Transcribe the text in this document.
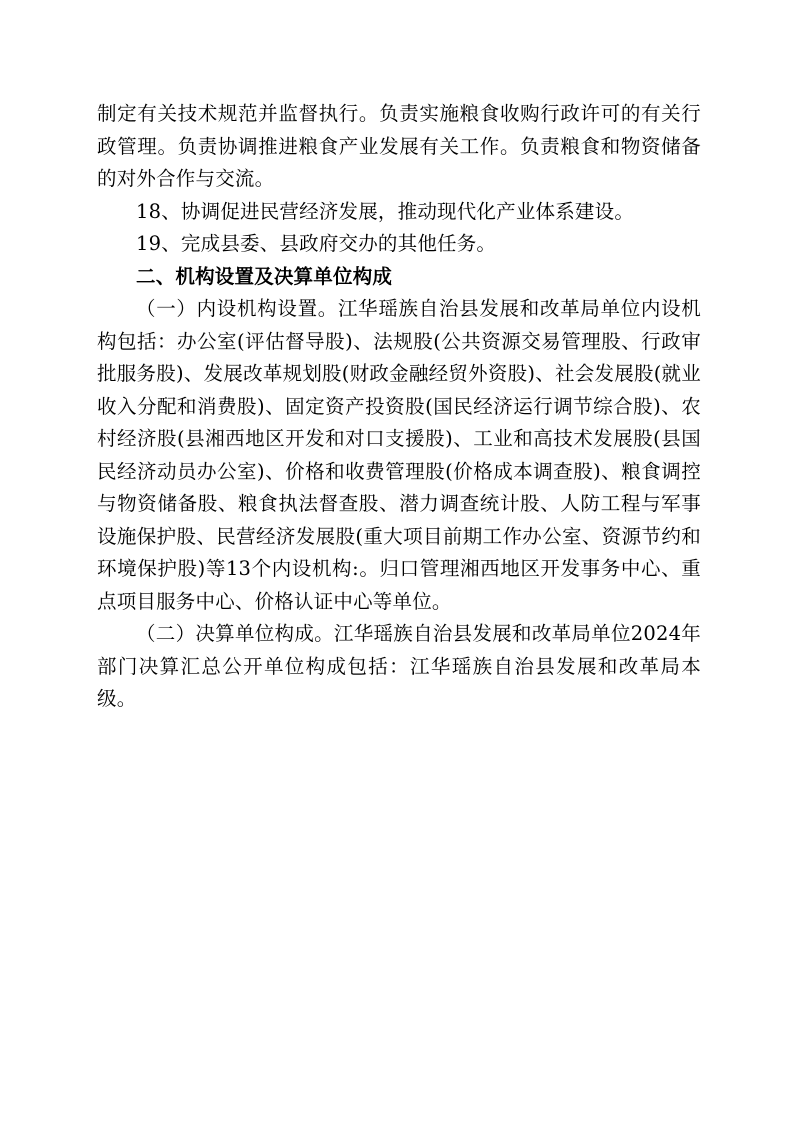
制定有关技术规范并监督执行。负责实施粮食收购行政许可的有关行政管理。负责协调推进粮食产业发展有关工作。负责粮食和物资储备的对外合作与交流。

18、协调促进民营经济发展，推动现代化产业体系建设。

19、完成县委、县政府交办的其他任务。

二、机构设置及决算单位构成

（一）内设机构设置。江华瑶族自治县发展和改革局单位内设机构包括：办公室(评估督导股)、法规股(公共资源交易管理股、行政审批服务股)、发展改革规划股(财政金融经贸外资股)、社会发展股(就业收入分配和消费股)、固定资产投资股(国民经济运行调节综合股)、农村经济股(县湘西地区开发和对口支援股)、工业和高技术发展股(县国民经济动员办公室)、价格和收费管理股(价格成本调查股)、粮食调控与物资储备股、粮食执法督查股、潜力调查统计股、人防工程与军事设施保护股、民营经济发展股(重大项目前期工作办公室、资源节约和环境保护股)等13个内设机构:。归口管理湘西地区开发事务中心、重点项目服务中心、价格认证中心等单位。

（二）决算单位构成。江华瑶族自治县发展和改革局单位2024年部门决算汇总公开单位构成包括：江华瑶族自治县发展和改革局本级。
